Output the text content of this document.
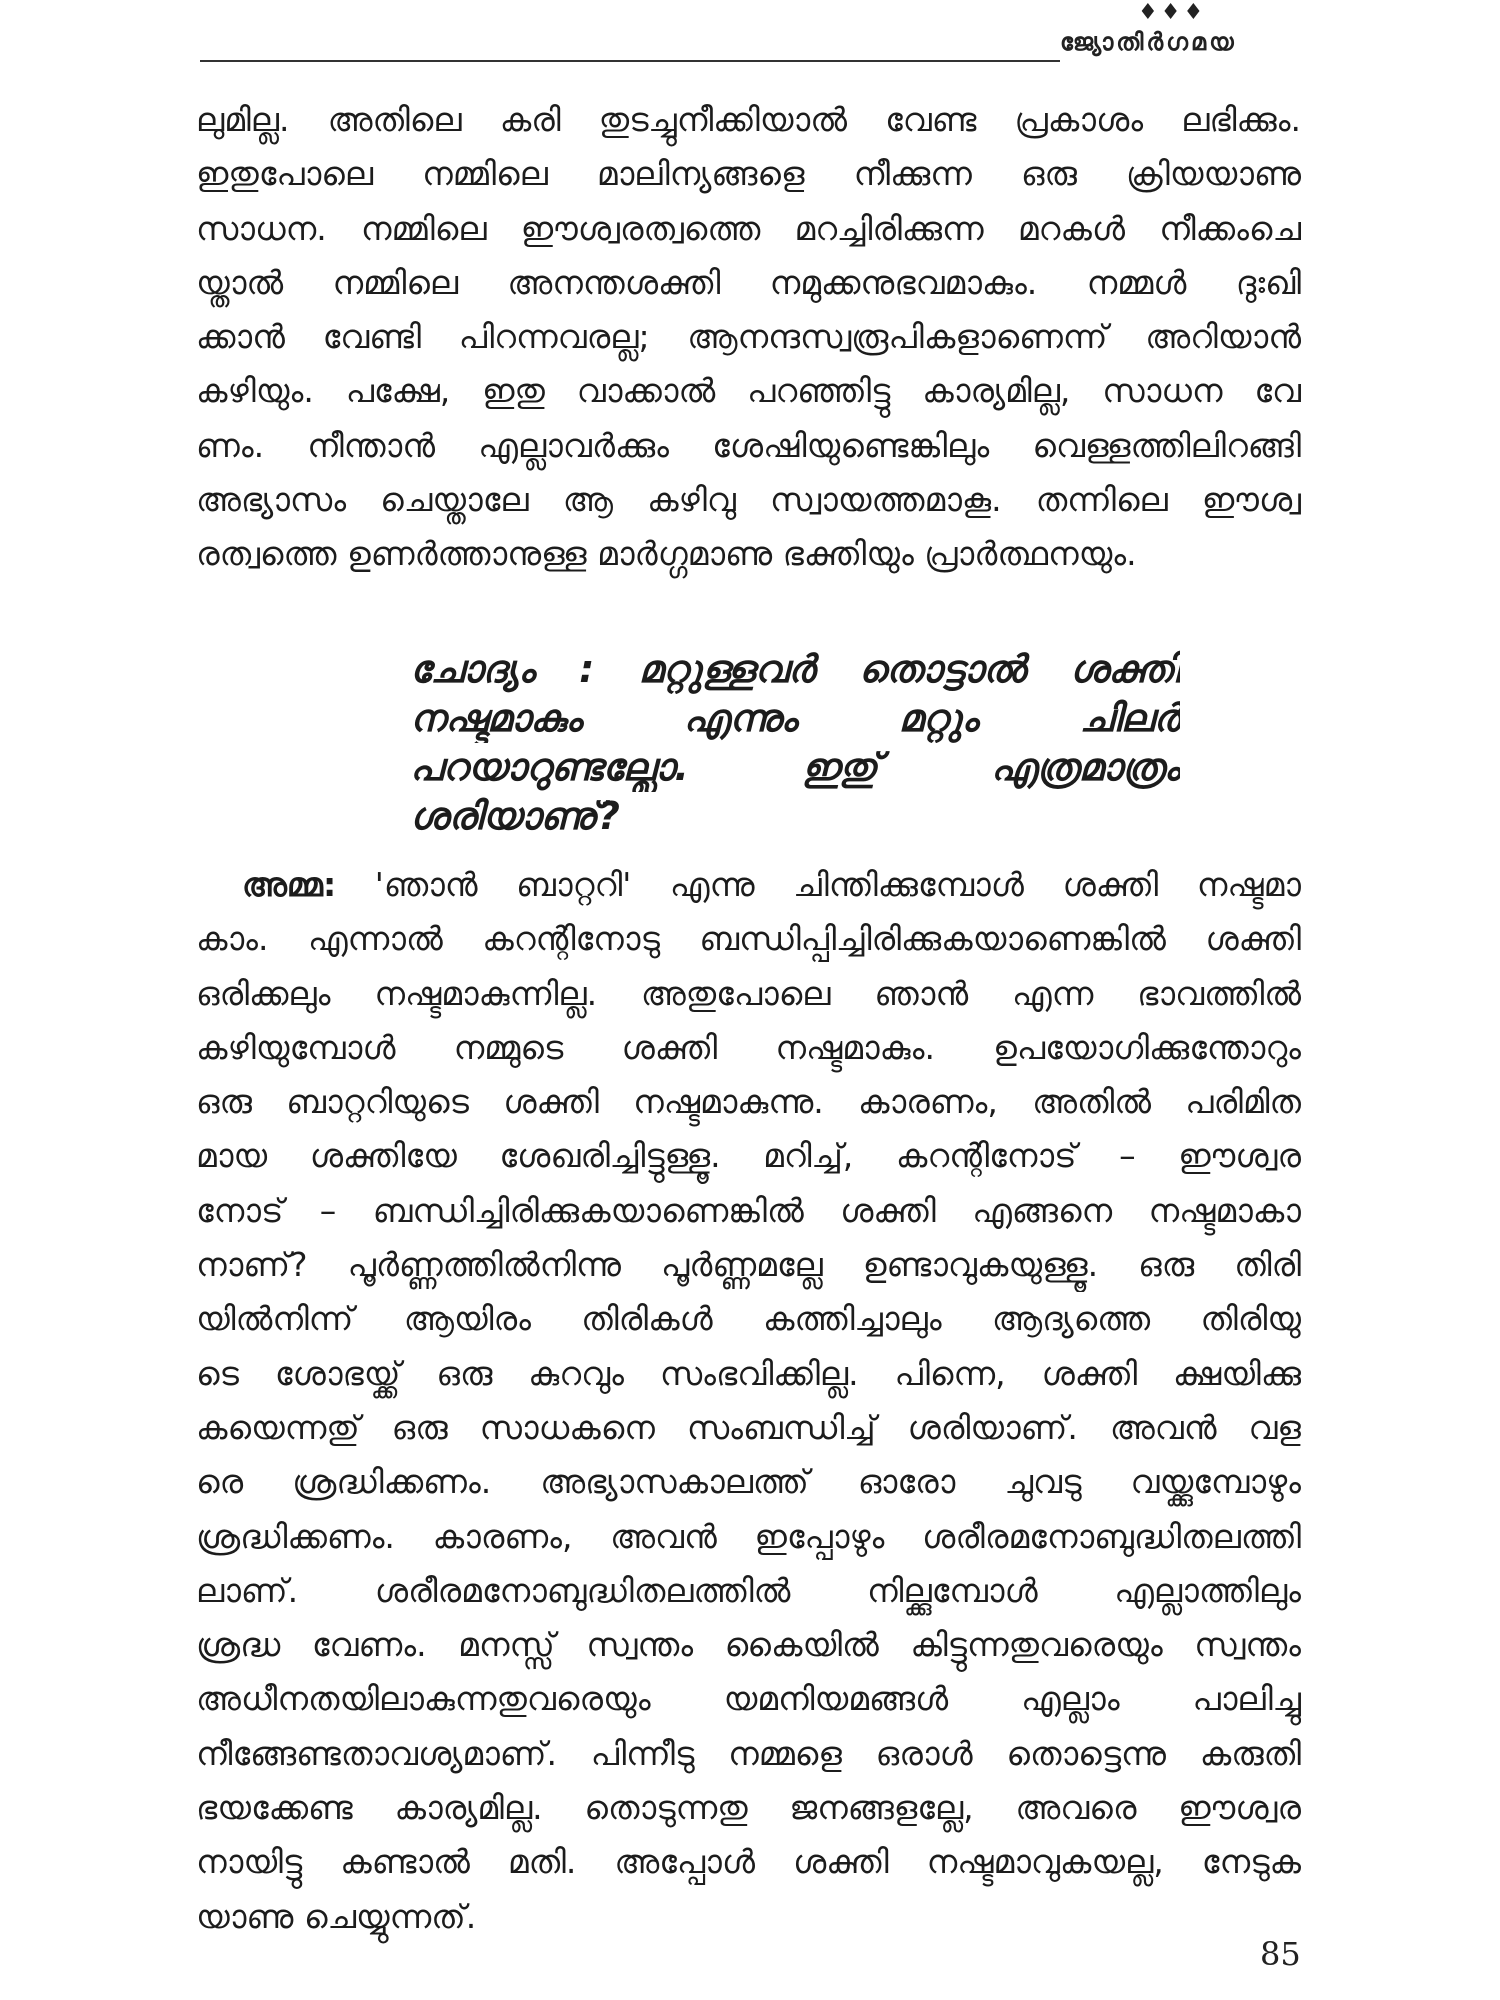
♦♦♦
ജ്യോതിർഗമയ
ലുമില്ല. അതിലെ കരി തുടച്ചുനീക്കിയാൽ വേണ്ട പ്രകാശം ലഭിക്കും.
ഇതുപോലെ നമ്മിലെ മാലിന്യങ്ങളെ നീക്കുന്ന ഒരു ക്രിയയാണു
സാധന. നമ്മിലെ ഈശ്വരത്വത്തെ മറച്ചിരിക്കുന്ന മറകൾ നീക്കംചെ
യ്താൽ നമ്മിലെ അനന്തശക്തി നമുക്കനുഭവമാകും. നമ്മൾ ദുഃഖി
ക്കാൻ വേണ്ടി പിറന്നവരല്ല; ആനന്ദസ്വരൂപികളാണെന്ന് അറിയാൻ
കഴിയും. പക്ഷേ, ഇതു വാക്കാൽ പറഞ്ഞിട്ടു കാര്യമില്ല, സാധന വേ
ണം. നീന്താൻ എല്ലാവർക്കും ശേഷിയുണ്ടെങ്കിലും വെള്ളത്തിലിറങ്ങി
അഭ്യാസം ചെയ്താലേ ആ കഴിവു സ്വായത്തമാകൂ. തന്നിലെ ഈശ്വ
രത്വത്തെ ഉണർത്താനുള്ള മാർഗ്ഗമാണു ഭക്തിയും പ്രാർത്ഥനയും.
ചോദ്യം : മറ്റുള്ളവർ തൊട്ടാൽ ശക്തി
നഷ്ടമാകും എന്നും മറ്റും ചിലർ
പറയാറുണ്ടല്ലോ. ഇതു് എത്രമാത്രം
ശരിയാണു്?
അമ്മ: 'ഞാൻ ബാറ്ററി' എന്നു ചിന്തിക്കുമ്പോൾ ശക്തി നഷ്ടമാ
കാം. എന്നാൽ കറന്റിനോടു ബന്ധിപ്പിച്ചിരിക്കുകയാണെങ്കിൽ ശക്തി
ഒരിക്കലും നഷ്ടമാകുന്നില്ല. അതുപോലെ ഞാൻ എന്ന ഭാവത്തിൽ
കഴിയുമ്പോൾ നമ്മുടെ ശക്തി നഷ്ടമാകും. ഉപയോഗിക്കുന്തോറും
ഒരു ബാറ്ററിയുടെ ശക്തി നഷ്ടമാകുന്നു. കാരണം, അതിൽ പരിമിത
മായ ശക്തിയേ ശേഖരിച്ചിട്ടുള്ളൂ. മറിച്ച്, കറന്റിനോട് – ഈശ്വര
നോട് – ബന്ധിച്ചിരിക്കുകയാണെങ്കിൽ ശക്തി എങ്ങനെ നഷ്ടമാകാ
നാണ്? പൂർണ്ണത്തിൽനിന്നു പൂർണ്ണമല്ലേ ഉണ്ടാവുകയുള്ളൂ. ഒരു തിരി
യിൽനിന്ന് ആയിരം തിരികൾ കത്തിച്ചാലും ആദ്യത്തെ തിരിയു
ടെ ശോഭയ്ക്ക് ഒരു കുറവും സംഭവിക്കില്ല. പിന്നെ, ശക്തി ക്ഷയിക്കു
കയെന്നതു് ഒരു സാധകനെ സംബന്ധിച്ച് ശരിയാണ്. അവൻ വള
രെ ശ്രദ്ധിക്കണം. അഭ്യാസകാലത്ത് ഓരോ ചുവടു വയ്ക്കുമ്പോഴും
ശ്രദ്ധിക്കണം. കാരണം, അവൻ ഇപ്പോഴും ശരീരമനോബുദ്ധിതലത്തി
ലാണ്. ശരീരമനോബുദ്ധിതലത്തിൽ നില്ക്കുമ്പോൾ എല്ലാത്തിലും
ശ്രദ്ധ വേണം. മനസ്സ് സ്വന്തം കൈയിൽ കിട്ടുന്നതുവരെയും സ്വന്തം
അധീനതയിലാകുന്നതുവരെയും യമനിയമങ്ങൾ എല്ലാം പാലിച്ചു
നീങ്ങേണ്ടതാവശ്യമാണ്. പിന്നീടു നമ്മളെ ഒരാൾ തൊട്ടെന്നു കരുതി
ഭയക്കേണ്ട കാര്യമില്ല. തൊടുന്നതു ജനങ്ങളല്ലേ, അവരെ ഈശ്വര
നായിട്ടു കണ്ടാൽ മതി. അപ്പോൾ ശക്തി നഷ്ടമാവുകയല്ല, നേടുക
യാണു ചെയ്യുന്നത്.
85
